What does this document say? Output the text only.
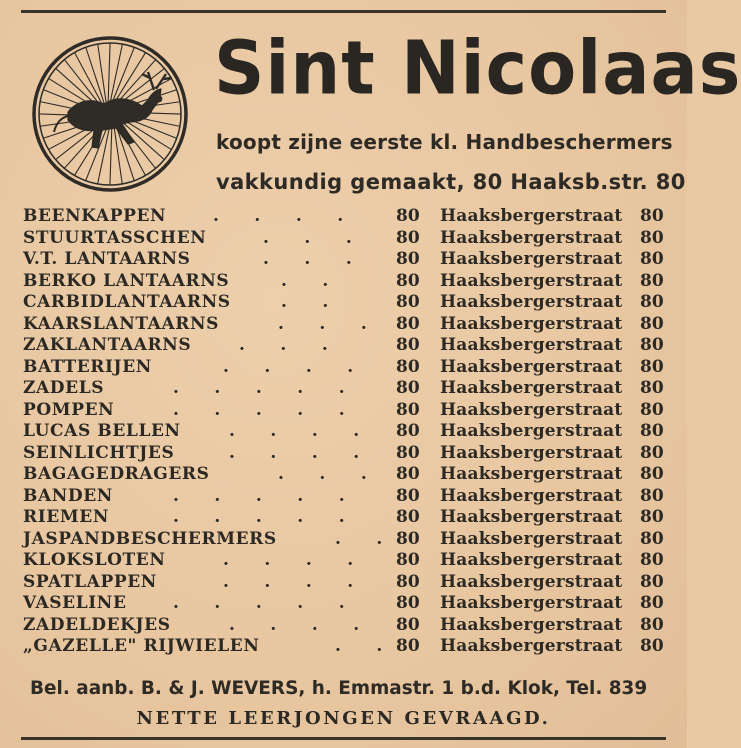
Sint Nicolaas
koopt zijne eerste kl. Handbeschermers
vakkundig gemaakt, 80 Haaksb.str. 80
BEENKAPPEN	.      .      .      .	80 Haaksbergerstraat 80
STUURTASSCHEN	.      .      .	80 Haaksbergerstraat 80
V.T. LANTAARNS	.      .      .	80 Haaksbergerstraat 80
BERKO LANTAARNS	.      .	80 Haaksbergerstraat 80
CARBIDLANTAARNS	.      .	80 Haaksbergerstraat 80
KAARSLANTAARNS	.      .      . 80 Haaksbergerstraat 80
ZAKLANTAARNS	.      .      .	80 Haaksbergerstraat 80
BATTERIJEN	.      .      .      .	80 Haaksbergerstraat 80
ZADELS	.      .      .      .      .	80 Haaksbergerstraat 80
POMPEN	.      .      .      .      .	80 Haaksbergerstraat 80
LUCAS BELLEN	.      .      .      . 80 Haaksbergerstraat 80
SEINLICHTJES	.      .      .      . 80 Haaksbergerstraat 80
BAGAGEDRAGERS	.      .      . 80 Haaksbergerstraat 80
BANDEN	.      .      .      .      .	80 Haaksbergerstraat 80
RIEMEN	.      .      .      .      .	80 Haaksbergerstraat 80
JASPANDBESCHERMERS	.      . 80 Haaksbergerstraat 80
KLOKSLOTEN	.      .      .      .	80 Haaksbergerstraat 80
SPATLAPPEN	.      .      .      .	80 Haaksbergerstraat 80
VASELINE	.      .      .      .      .	80 Haaksbergerstraat 80
ZADELDEKJES	.      .      .      . 80 Haaksbergerstraat 80
„GAZELLE" RIJWIELEN	.      . 80 Haaksbergerstraat 80
Bel. aanb. B. & J. WEVERS, h. Emmastr. 1 b.d. Klok, Tel. 839
NETTE LEERJONGEN GEVRAAGD.
